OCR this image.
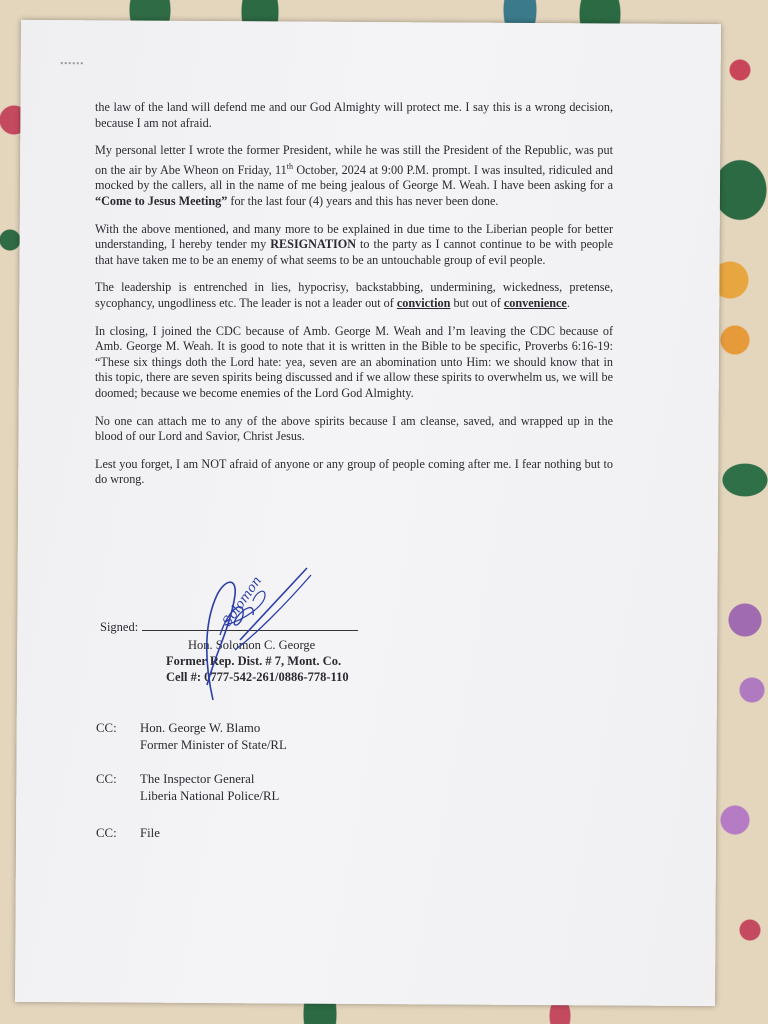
the law of the land will defend me and our God Almighty will protect me. I say this is a wrong decision, because I am not afraid.

My personal letter I wrote the former President, while he was still the President of the Republic, was put on the air by Abe Wheon on Friday, 11th October, 2024 at 9:00 P.M. prompt. I was insulted, ridiculed and mocked by the callers, all in the name of me being jealous of George M. Weah. I have been asking for a “Come to Jesus Meeting” for the last four (4) years and this has never been done.

With the above mentioned, and many more to be explained in due time to the Liberian people for better understanding, I hereby tender my RESIGNATION to the party as I cannot continue to be with people that have taken me to be an enemy of what seems to be an untouchable group of evil people.

The leadership is entrenched in lies, hypocrisy, backstabbing, undermining, wickedness, pretense, sycophancy, ungodliness etc. The leader is not a leader out of conviction but out of convenience.

In closing, I joined the CDC because of Amb. George M. Weah and I’m leaving the CDC because of Amb. George M. Weah. It is good to note that it is written in the Bible to be specific, Proverbs 6:16-19: “These six things doth the Lord hate: yea, seven are an abomination unto Him: we should know that in this topic, there are seven spirits being discussed and if we allow these spirits to overwhelm us, we will be doomed; because we become enemies of the Lord God Almighty.

No one can attach me to any of the above spirits because I am cleanse, saved, and wrapped up in the blood of our Lord and Savior, Christ Jesus.

Lest you forget, I am NOT afraid of anyone or any group of people coming after me. I fear nothing but to do wrong.

Signed:
Hon. Solomon C. George
Former Rep. Dist. # 7, Mont. Co.
Cell #: 0777-542-261/0886-778-110
Solomon
CC: Hon. George W. Blamo
Former Minister of State/RL
CC: The Inspector General
Liberia National Police/RL
CC: File
